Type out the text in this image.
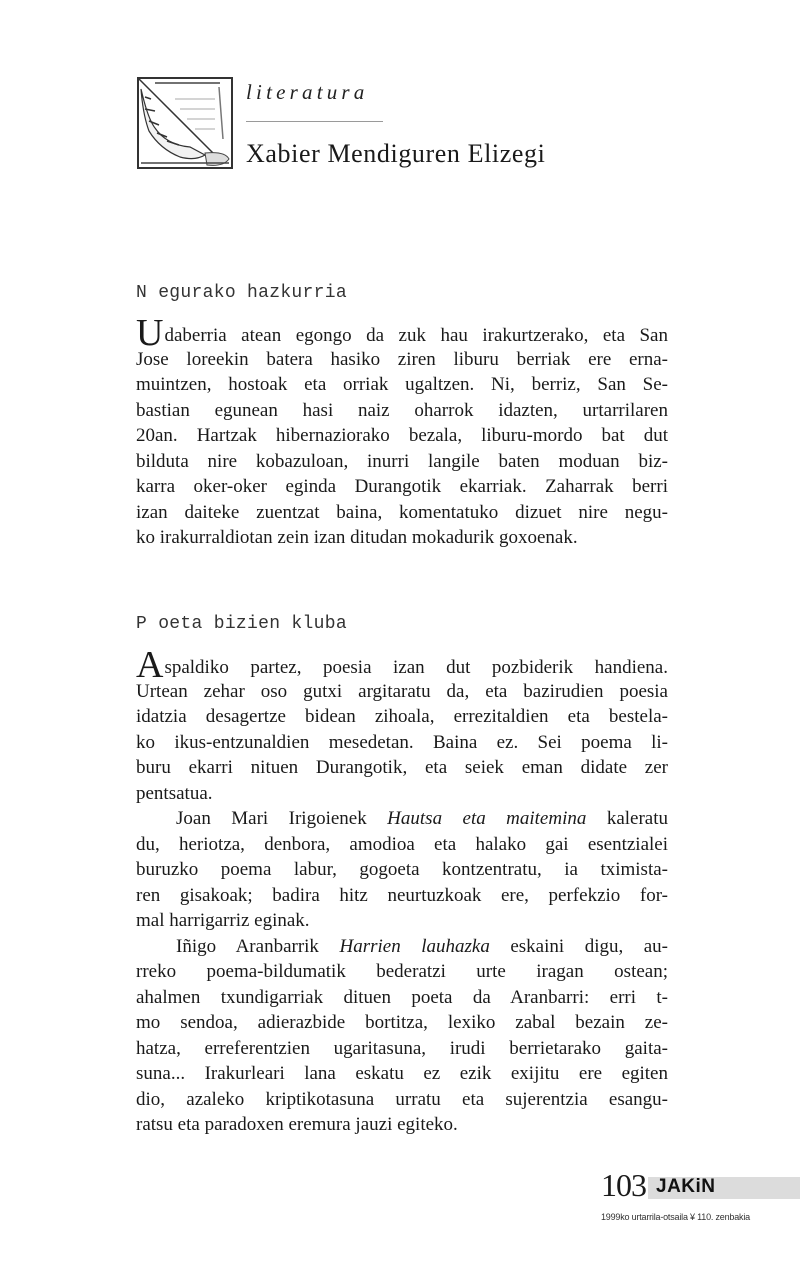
literatura
Xabier Mendiguren Elizegi
N egurako hazkurria
Udaberria atean egongo da zuk hau irakurtzerako, eta San
Jose loreekin batera hasiko ziren liburu berriak ere erna-
muintzen, hostoak eta orriak ugaltzen. Ni, berriz, San Se-
bastian egunean hasi naiz oharrok idazten, urtarrilaren
20an. Hartzak hibernaziorako bezala, liburu-mordo bat dut
bilduta nire kobazuloan, inurri langile baten moduan biz-
karra oker-oker eginda Durangotik ekarriak. Zaharrak berri
izan daiteke zuentzat baina, komentatuko dizuet nire negu-
ko irakurraldiotan zein izan ditudan mokadurik goxoenak.
P oeta bizien kluba
Aspaldiko partez, poesia izan dut pozbiderik handiena.
Urtean zehar oso gutxi argitaratu da, eta bazirudien poesia
idatzia desagertze bidean zihoala, errezitaldien eta bestela-
ko ikus-entzunaldien mesedetan. Baina ez. Sei poema li-
buru ekarri nituen Durangotik, eta seiek eman didate zer
pentsatua.
Joan Mari Irigoienek Hautsa eta maitemina kaleratu
du, heriotza, denbora, amodioa eta halako gai esentzialei
buruzko poema labur, gogoeta kontzentratu, ia tximista-
ren gisakoak; badira hitz neurtuzkoak ere, perfekzio for-
mal harrigarriz eginak.
Iñigo Aranbarrik Harrien lauhazka eskaini digu, au-
rreko poema-bildumatik bederatzi urte iragan ostean;
ahalmen txundigarriak dituen poeta da Aranbarri: erri t-
mo sendoa, adierazbide bortitza, lexiko zabal bezain ze-
hatza, erreferentzien ugaritasuna, irudi berrietarako gaita-
suna... Irakurleari lana eskatu ez ezik exijitu ere egiten
dio, azaleko kriptikotasuna urratu eta sujerentzia esangu-
ratsu eta paradoxen eremura jauzi egiteko.
103 JAKiN
1999ko urtarrila-otsaila ¥ 110. zenbakia
